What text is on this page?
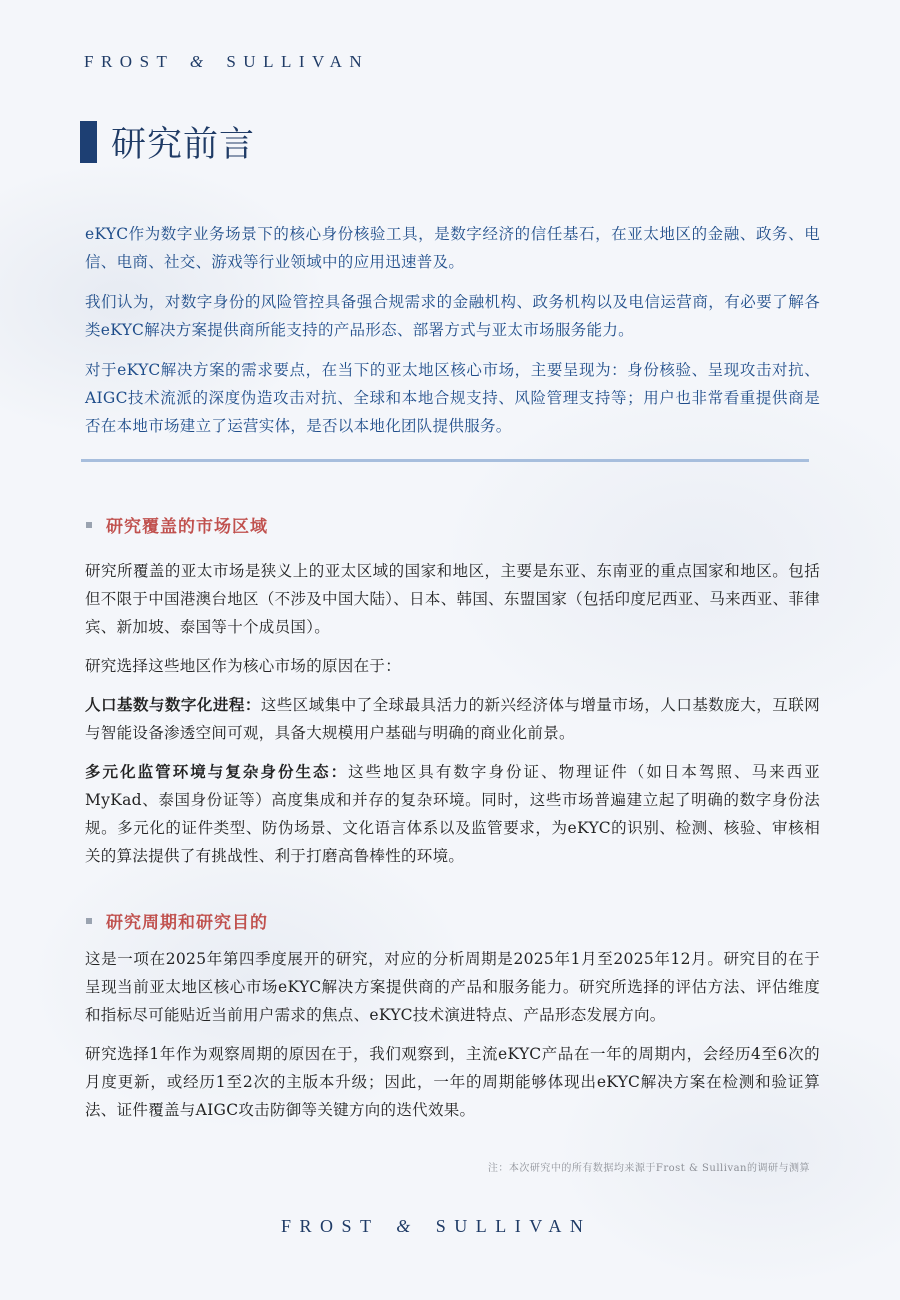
FROST & SULLIVAN
研究前言

eKYC作为数字业务场景下的核心身份核验工具，是数字经济的信任基石，在亚太地区的金融、政务、电信、电商、社交、游戏等行业领域中的应用迅速普及。

我们认为，对数字身份的风险管控具备强合规需求的金融机构、政务机构以及电信运营商，有必要了解各类eKYC解决方案提供商所能支持的产品形态、部署方式与亚太市场服务能力。

对于eKYC解决方案的需求要点，在当下的亚太地区核心市场，主要呈现为：身份核验、呈现攻击对抗、AIGC技术流派的深度伪造攻击对抗、全球和本地合规支持、风险管理支持等；用户也非常看重提供商是否在本地市场建立了运营实体，是否以本地化团队提供服务。

研究覆盖的市场区域

研究所覆盖的亚太市场是狭义上的亚太区域的国家和地区，主要是东亚、东南亚的重点国家和地区。包括但不限于中国港澳台地区（不涉及中国大陆）、日本、韩国、东盟国家（包括印度尼西亚、马来西亚、菲律宾、新加坡、泰国等十个成员国）。

研究选择这些地区作为核心市场的原因在于：

人口基数与数字化进程：这些区域集中了全球最具活力的新兴经济体与增量市场，人口基数庞大，互联网与智能设备渗透空间可观，具备大规模用户基础与明确的商业化前景。

多元化监管环境与复杂身份生态：这些地区具有数字身份证、物理证件（如日本驾照、马来西亚MyKad、泰国身份证等）高度集成和并存的复杂环境。同时，这些市场普遍建立起了明确的数字身份法规。多元化的证件类型、防伪场景、文化语言体系以及监管要求，为eKYC的识别、检测、核验、审核相关的算法提供了有挑战性、利于打磨高鲁棒性的环境。

研究周期和研究目的

这是一项在2025年第四季度展开的研究，对应的分析周期是2025年1月至2025年12月。研究目的在于呈现当前亚太地区核心市场eKYC解决方案提供商的产品和服务能力。研究所选择的评估方法、评估维度和指标尽可能贴近当前用户需求的焦点、eKYC技术演进特点、产品形态发展方向。

研究选择1年作为观察周期的原因在于，我们观察到，主流eKYC产品在一年的周期内，会经历4至6次的月度更新，或经历1至2次的主版本升级；因此，一年的周期能够体现出eKYC解决方案在检测和验证算法、证件覆盖与AIGC攻击防御等关键方向的迭代效果。

注：本次研究中的所有数据均来源于Frost & Sullivan的调研与测算
FROST & SULLIVAN
